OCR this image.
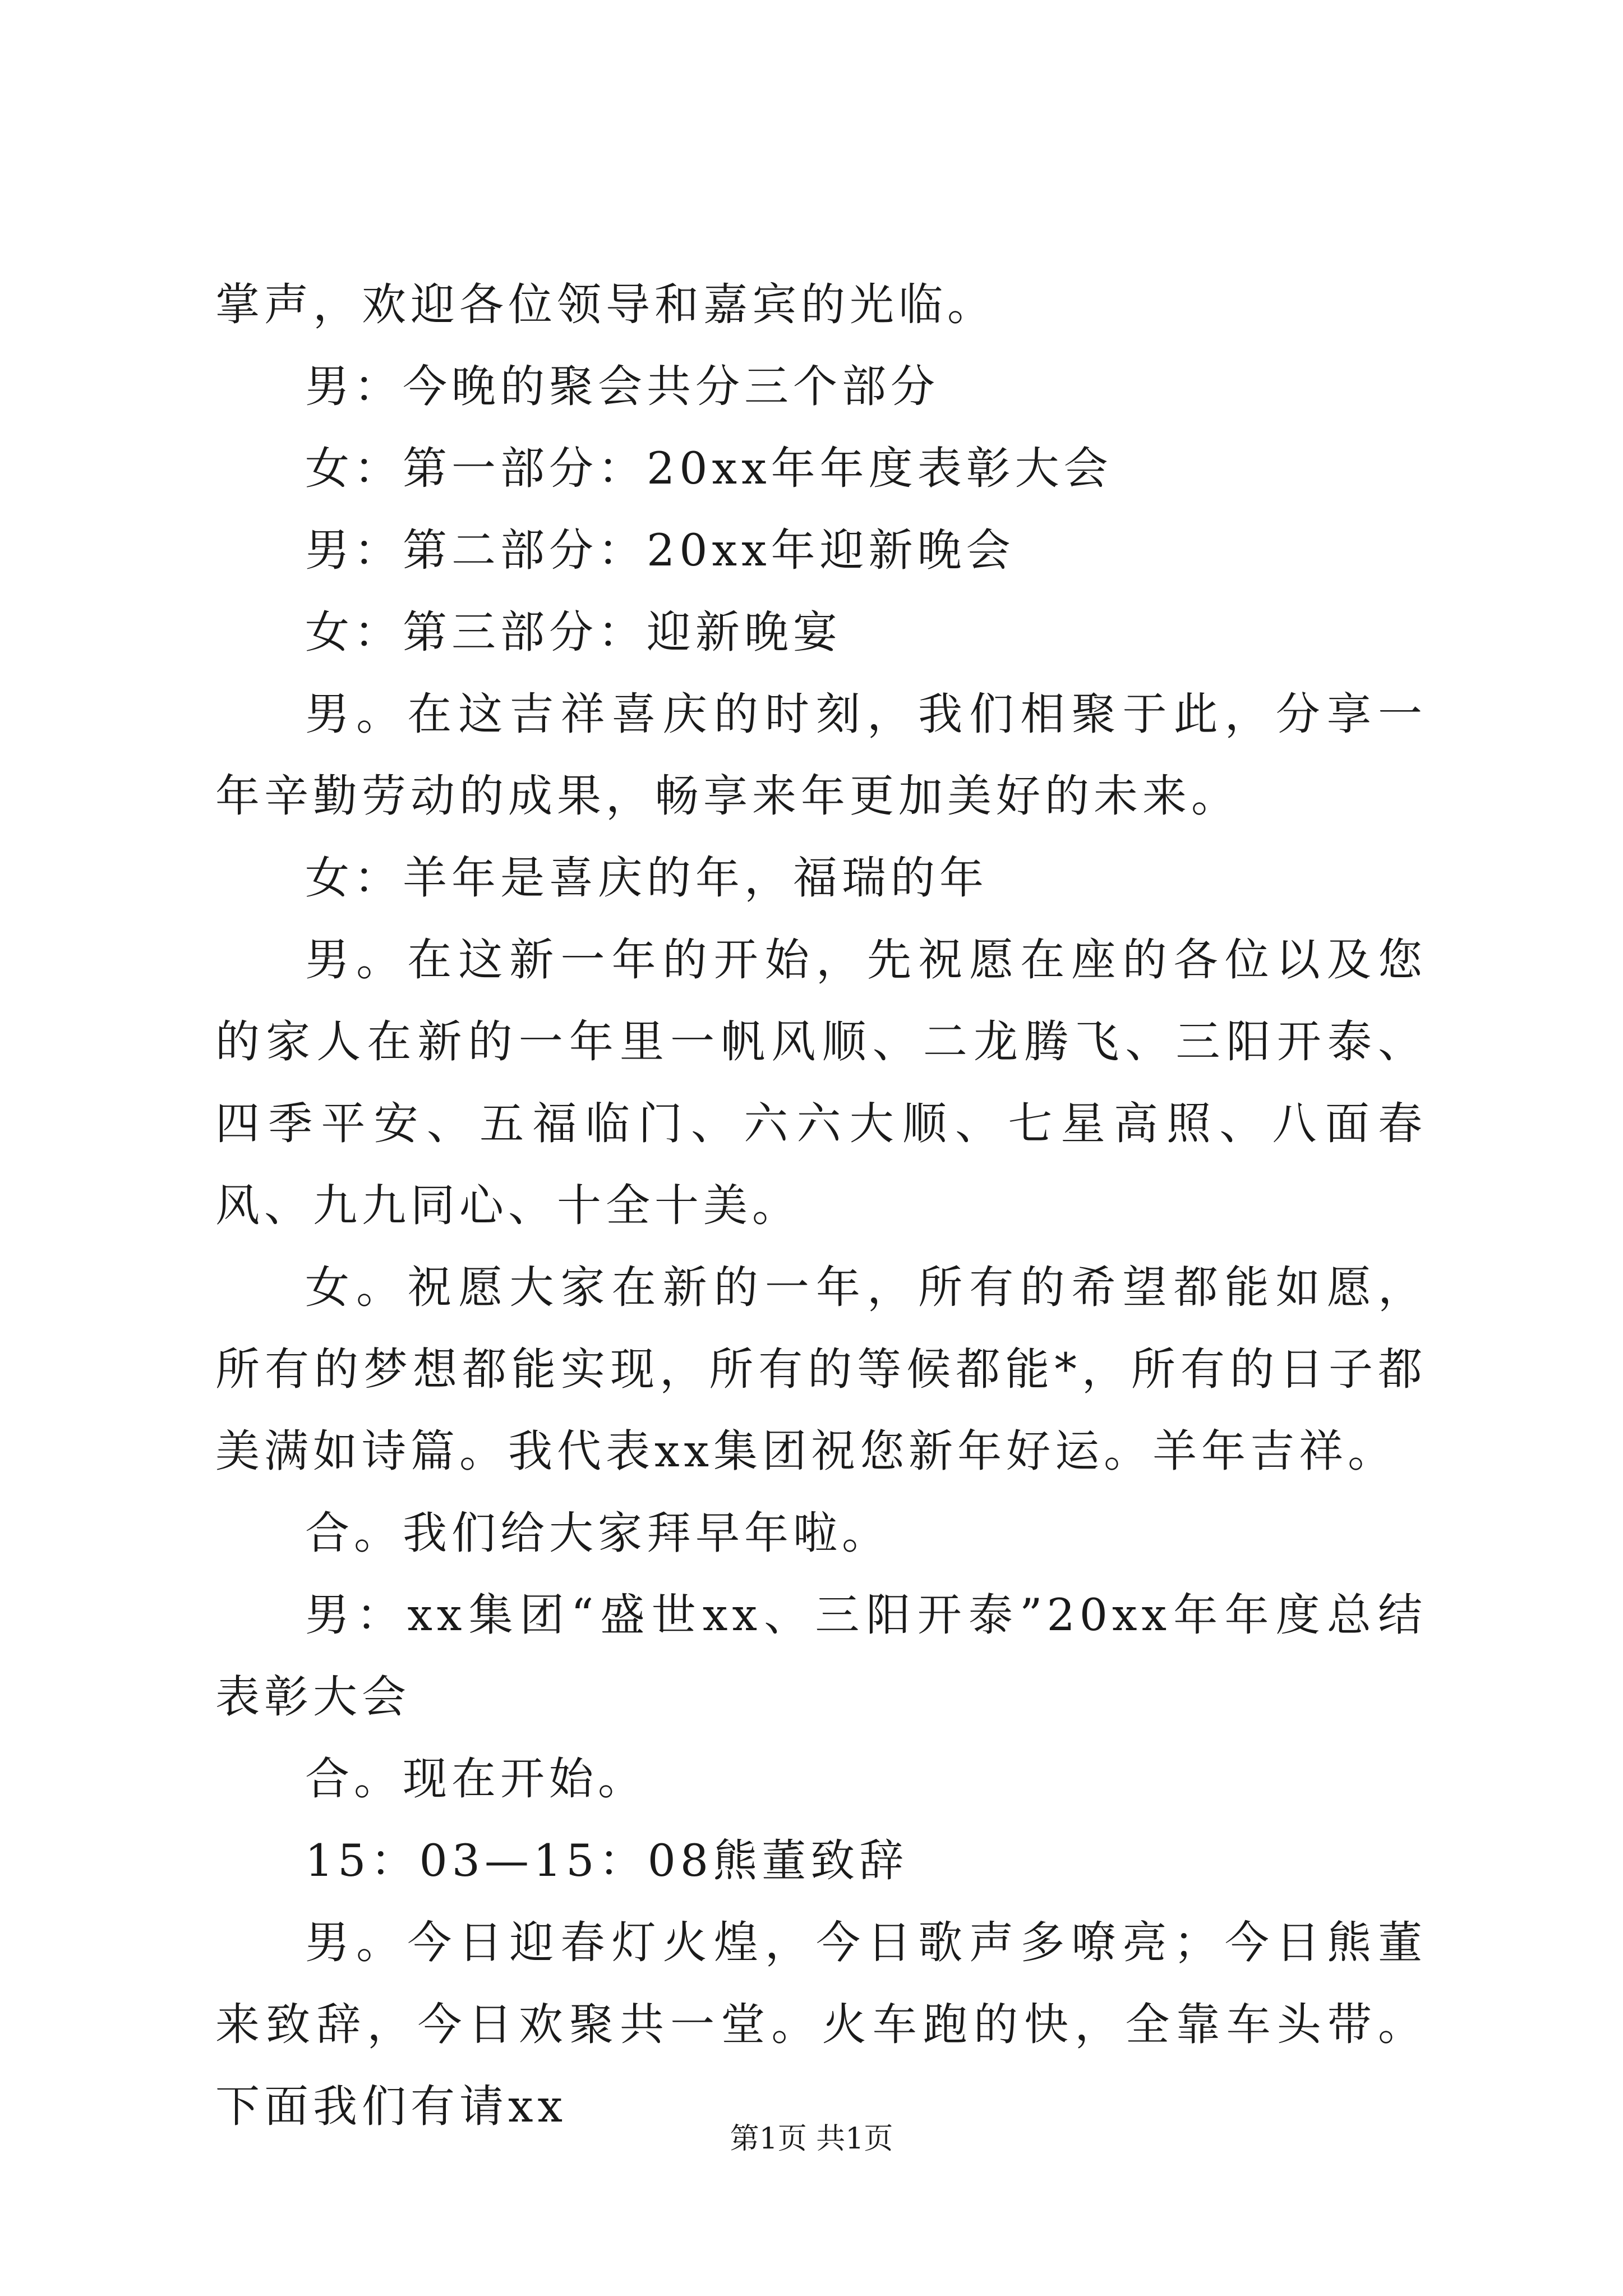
掌声，欢迎各位领导和嘉宾的光临。

男：今晚的聚会共分三个部分

女：第一部分：20xx年年度表彰大会

男：第二部分：20xx年迎新晚会

女：第三部分：迎新晚宴

男。在这吉祥喜庆的时刻，我们相聚于此，分享一年辛勤劳动的成果，畅享来年更加美好的未来。

女：羊年是喜庆的年，福瑞的年

男。在这新一年的开始，先祝愿在座的各位以及您的家人在新的一年里一帆风顺、二龙腾飞、三阳开泰、四季平安、五福临门、六六大顺、七星高照、八面春风、九九同心、十全十美。

女。祝愿大家在新的一年，所有的希望都能如愿，所有的梦想都能实现，所有的等候都能*，所有的日子都美满如诗篇。我代表xx集团祝您新年好运。羊年吉祥。

合。我们给大家拜早年啦。

男：xx集团“盛世xx、三阳开泰”20xx年年度总结表彰大会

合。现在开始。

15：03—15：08熊董致辞

男。今日迎春灯火煌，今日歌声多嘹亮；今日熊董来致辞，今日欢聚共一堂。火车跑的快，全靠车头带。下面我们有请xx

第1页 共1页
